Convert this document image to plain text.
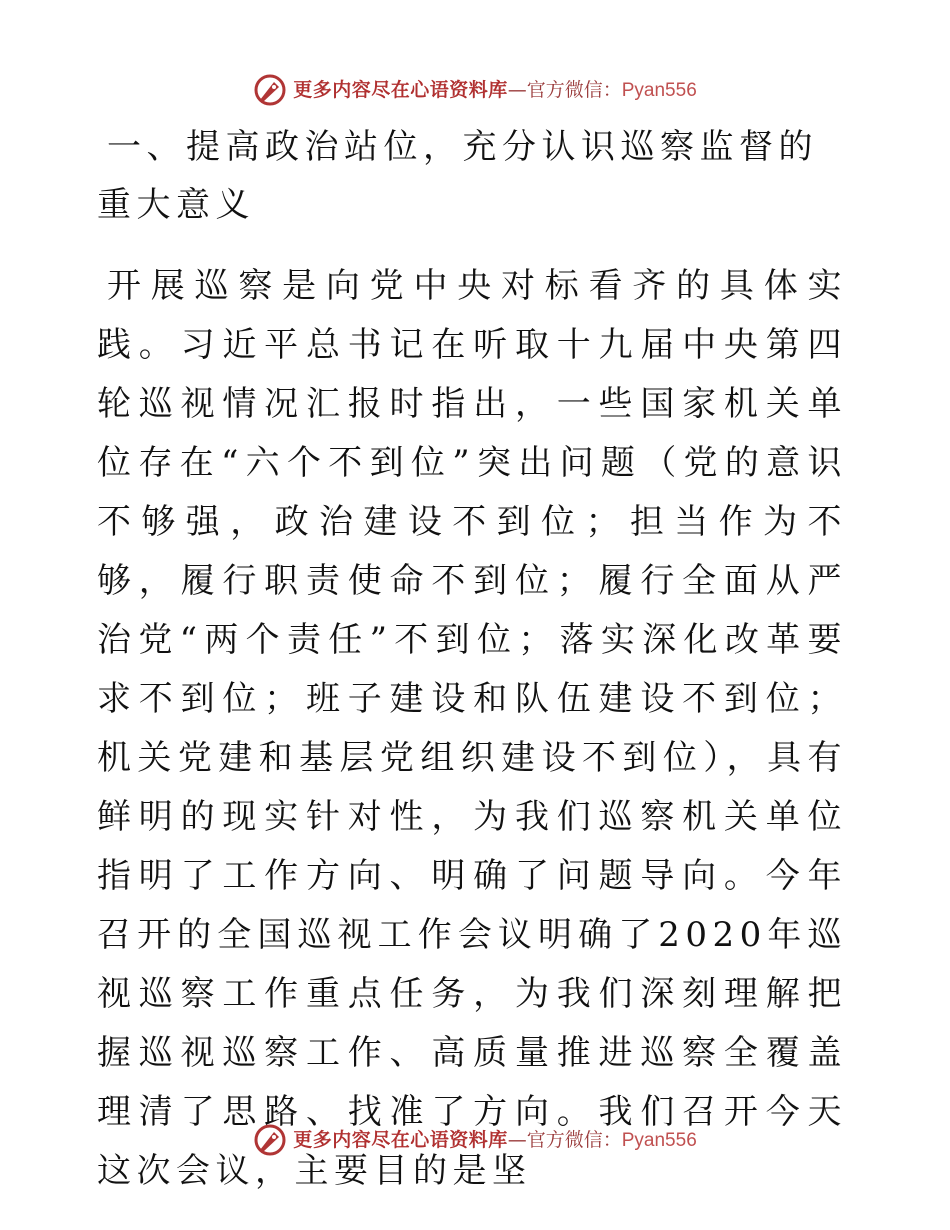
更多内容尽在心语资料库—官方微信：Pyan556
一、提高政治站位，充分认识巡察监督的重大意义

开展巡察是向党中央对标看齐的具体实践。习近平总书记在听取十九届中央第四轮巡视情况汇报时指出，一些国家机关单位存在“六个不到位”突出问题（党的意识不够强，政治建设不到位；担当作为不够，履行职责使命不到位；履行全面从严治党“两个责任”不到位；落实深化改革要求不到位；班子建设和队伍建设不到位；机关党建和基层党组织建设不到位），具有鲜明的现实针对性，为我们巡察机关单位指明了工作方向、明确了问题导向。今年召开的全国巡视工作会议明确了2020年巡视巡察工作重点任务，为我们深刻理解把握巡视巡察工作、高质量推进巡察全覆盖理清了思路、找准了方向。我们召开今天这次会议，主要目的是坚

更多内容尽在心语资料库—官方微信：Pyan556
